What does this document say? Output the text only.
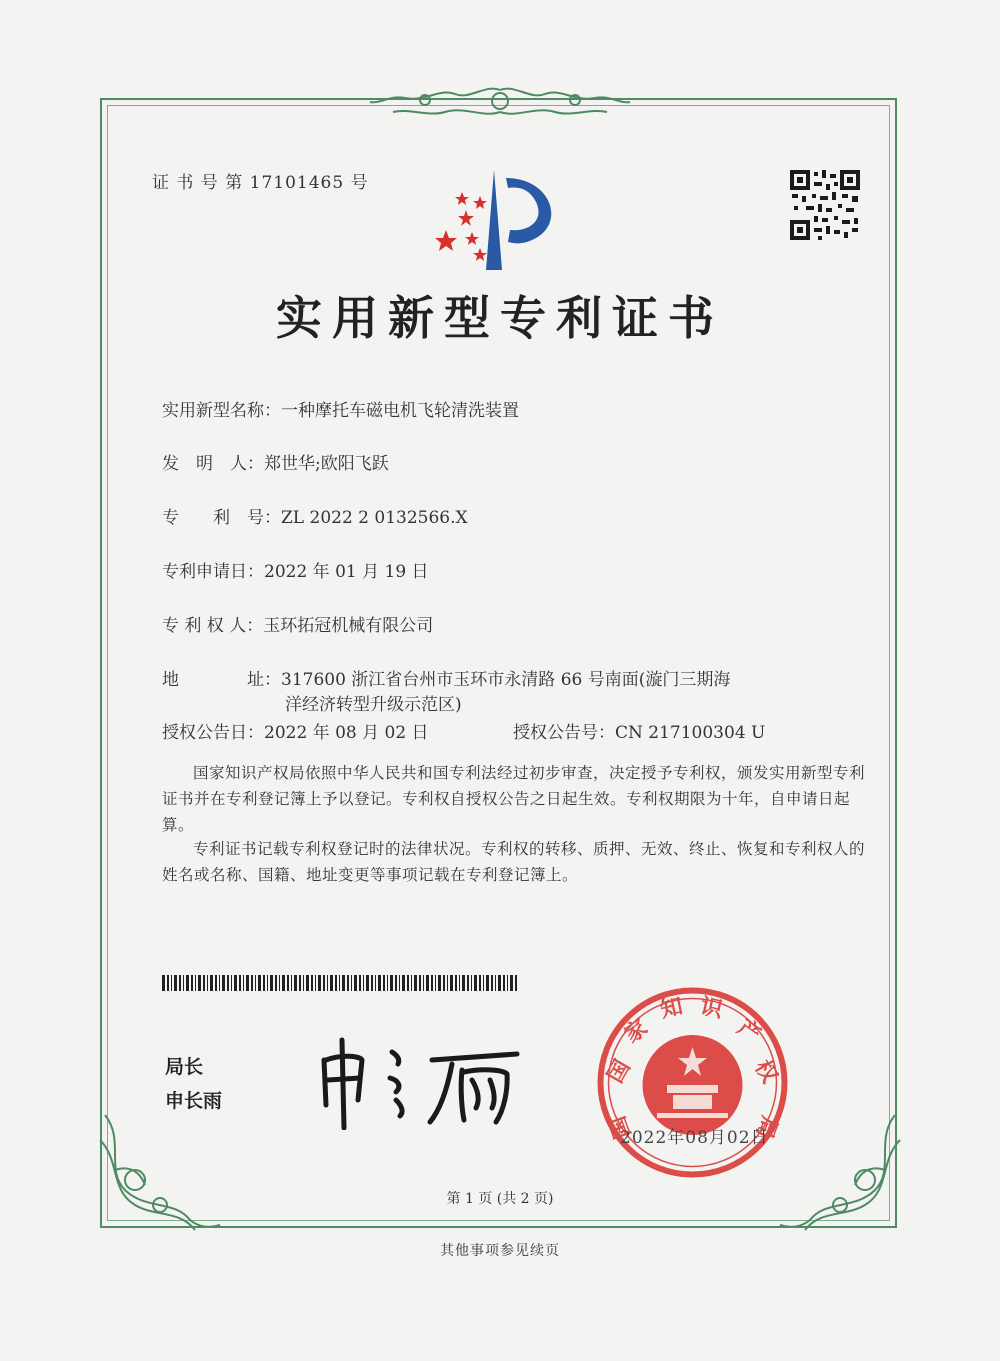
证 书 号 第 17101465 号
实用新型专利证书
实用新型名称：一种摩托车磁电机飞轮清洗装置
发　明　人：郑世华;欧阳飞跃
专　　利　号：ZL 2022 2 0132566.X
专利申请日：2022 年 01 月 19 日
专 利 权 人：玉环拓冠机械有限公司
地　　　　址：317600 浙江省台州市玉环市永清路 66 号南面(漩门三期海
洋经济转型升级示范区)
授权公告日：2022 年 08 月 02 日	授权公告号：CN 217100304 U
国家知识产权局依照中华人民共和国专利法经过初步审查，决定授予专利权，颁发实用新型专利证书并在专利登记簿上予以登记。专利权自授权公告之日起生效。专利权期限为十年，自申请日起算。
专利证书记载专利权登记时的法律状况。专利权的转移、质押、无效、终止、恢复和专利权人的姓名或名称、国籍、地址变更等事项记载在专利登记簿上。
局长
申长雨
国
家
知 识
产
权
局
国
2022年08月02日
第 1 页 (共 2 页)
其他事项参见续页
